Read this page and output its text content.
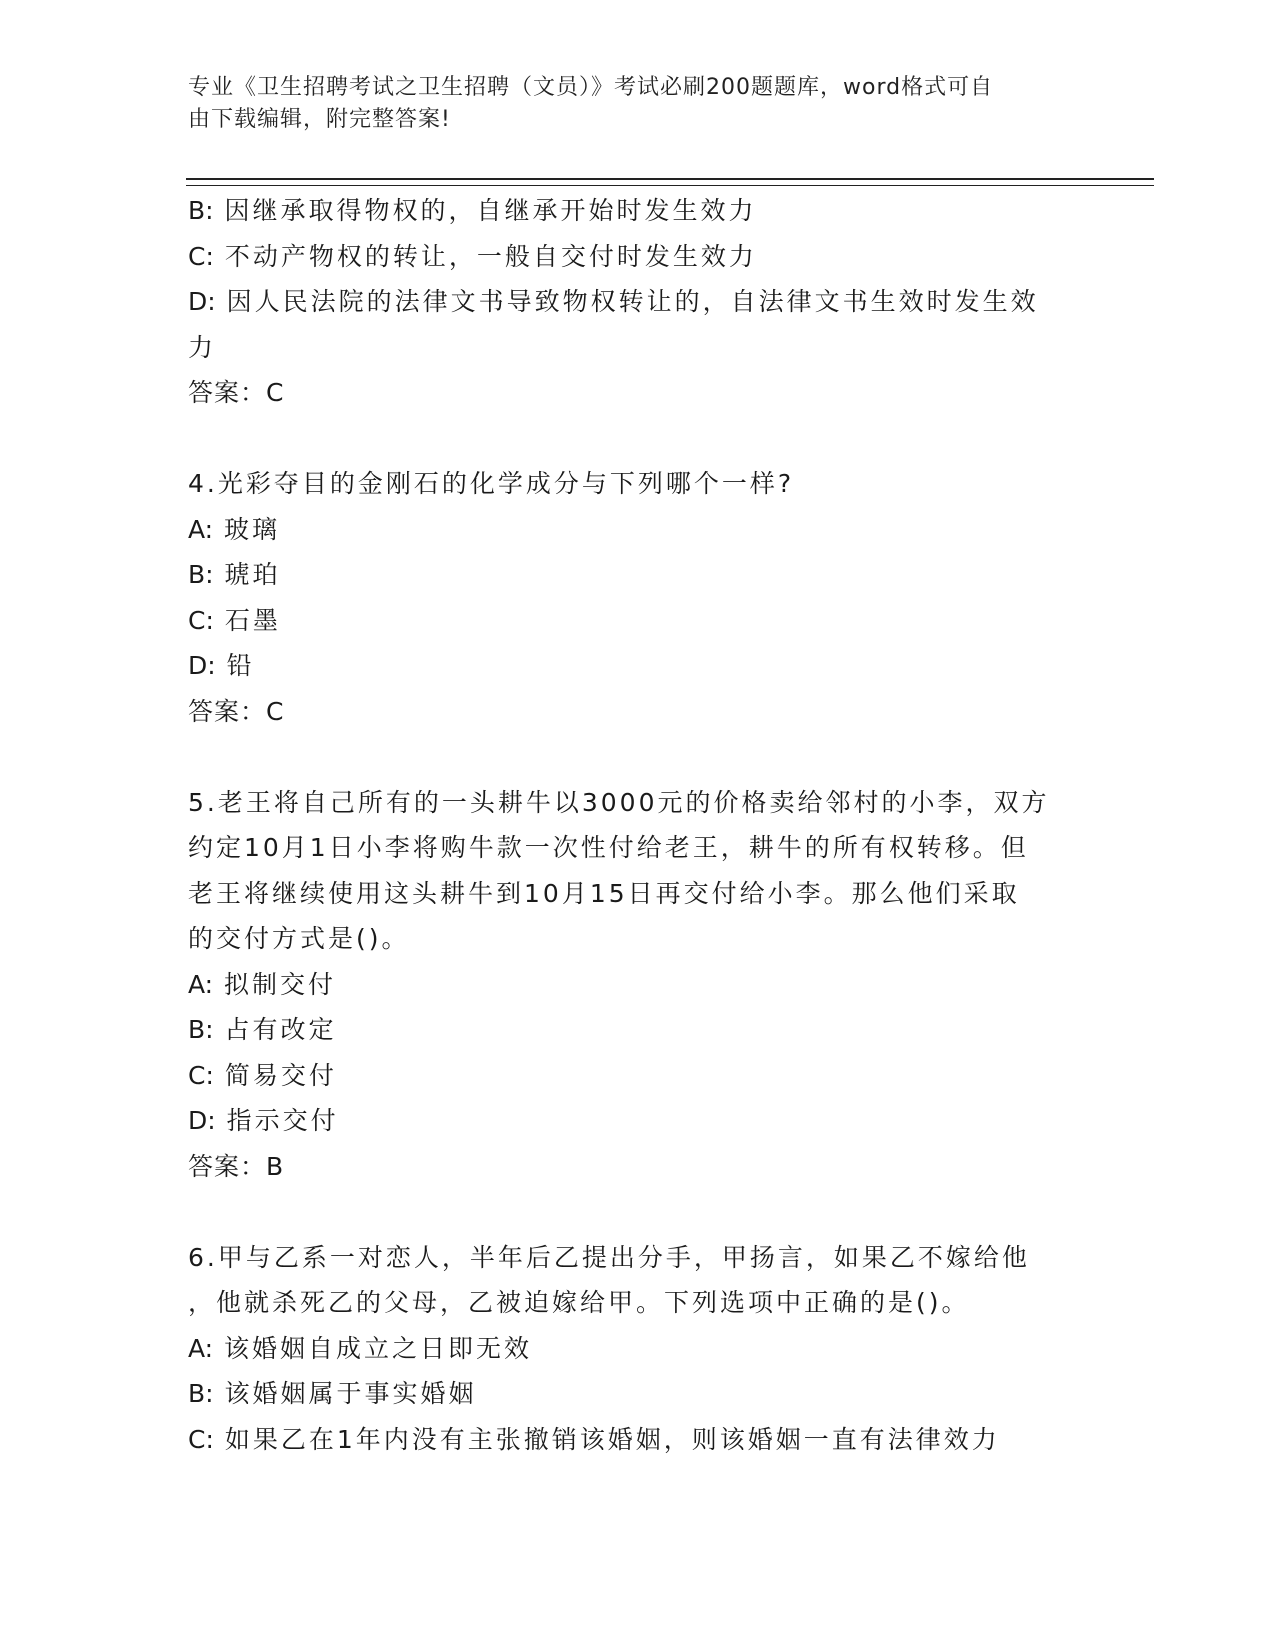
专业《卫生招聘考试之卫生招聘（文员）》考试必刷200题题库，word格式可自
由下载编辑，附完整答案!
B: 因继承取得物权的，自继承开始时发生效力
C: 不动产物权的转让，一般自交付时发生效力
D: 因人民法院的法律文书导致物权转让的，自法律文书生效时发生效
力
答案：C
4.光彩夺目的金刚石的化学成分与下列哪个一样?
A: 玻璃
B: 琥珀
C: 石墨
D: 铅
答案：C
5.老王将自己所有的一头耕牛以3000元的价格卖给邻村的小李，双方
约定10月1日小李将购牛款一次性付给老王，耕牛的所有权转移。但
老王将继续使用这头耕牛到10月15日再交付给小李。那么他们采取
的交付方式是()。
A: 拟制交付
B: 占有改定
C: 简易交付
D: 指示交付
答案：B
6.甲与乙系一对恋人，半年后乙提出分手，甲扬言，如果乙不嫁给他
，他就杀死乙的父母，乙被迫嫁给甲。下列选项中正确的是()。
A: 该婚姻自成立之日即无效
B: 该婚姻属于事实婚姻
C: 如果乙在1年内没有主张撤销该婚姻，则该婚姻一直有法律效力
